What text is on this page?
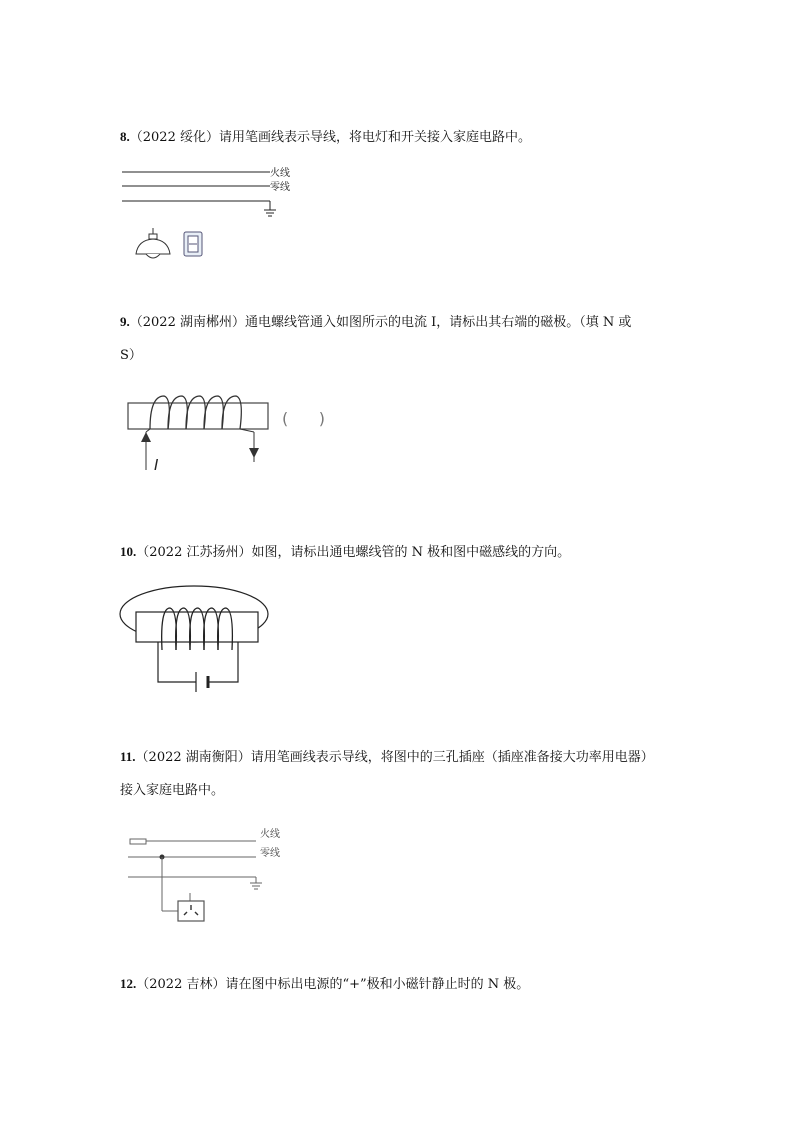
8.（2022 绥化）请用笔画线表示导线，将电灯和开关接入家庭电路中。
火线
零线
9.（2022 湖南郴州）通电螺线管通入如图所示的电流 I，请标出其右端的磁极。（填 N 或
S）
I
(      )
10.（2022 江苏扬州）如图，请标出通电螺线管的 N 极和图中磁感线的方向。
11.（2022 湖南衡阳）请用笔画线表示导线，将图中的三孔插座（插座准备接大功率用电器）
接入家庭电路中。
火线
零线
12.（2022 吉林）请在图中标出电源的“+”极和小磁针静止时的 N 极。
